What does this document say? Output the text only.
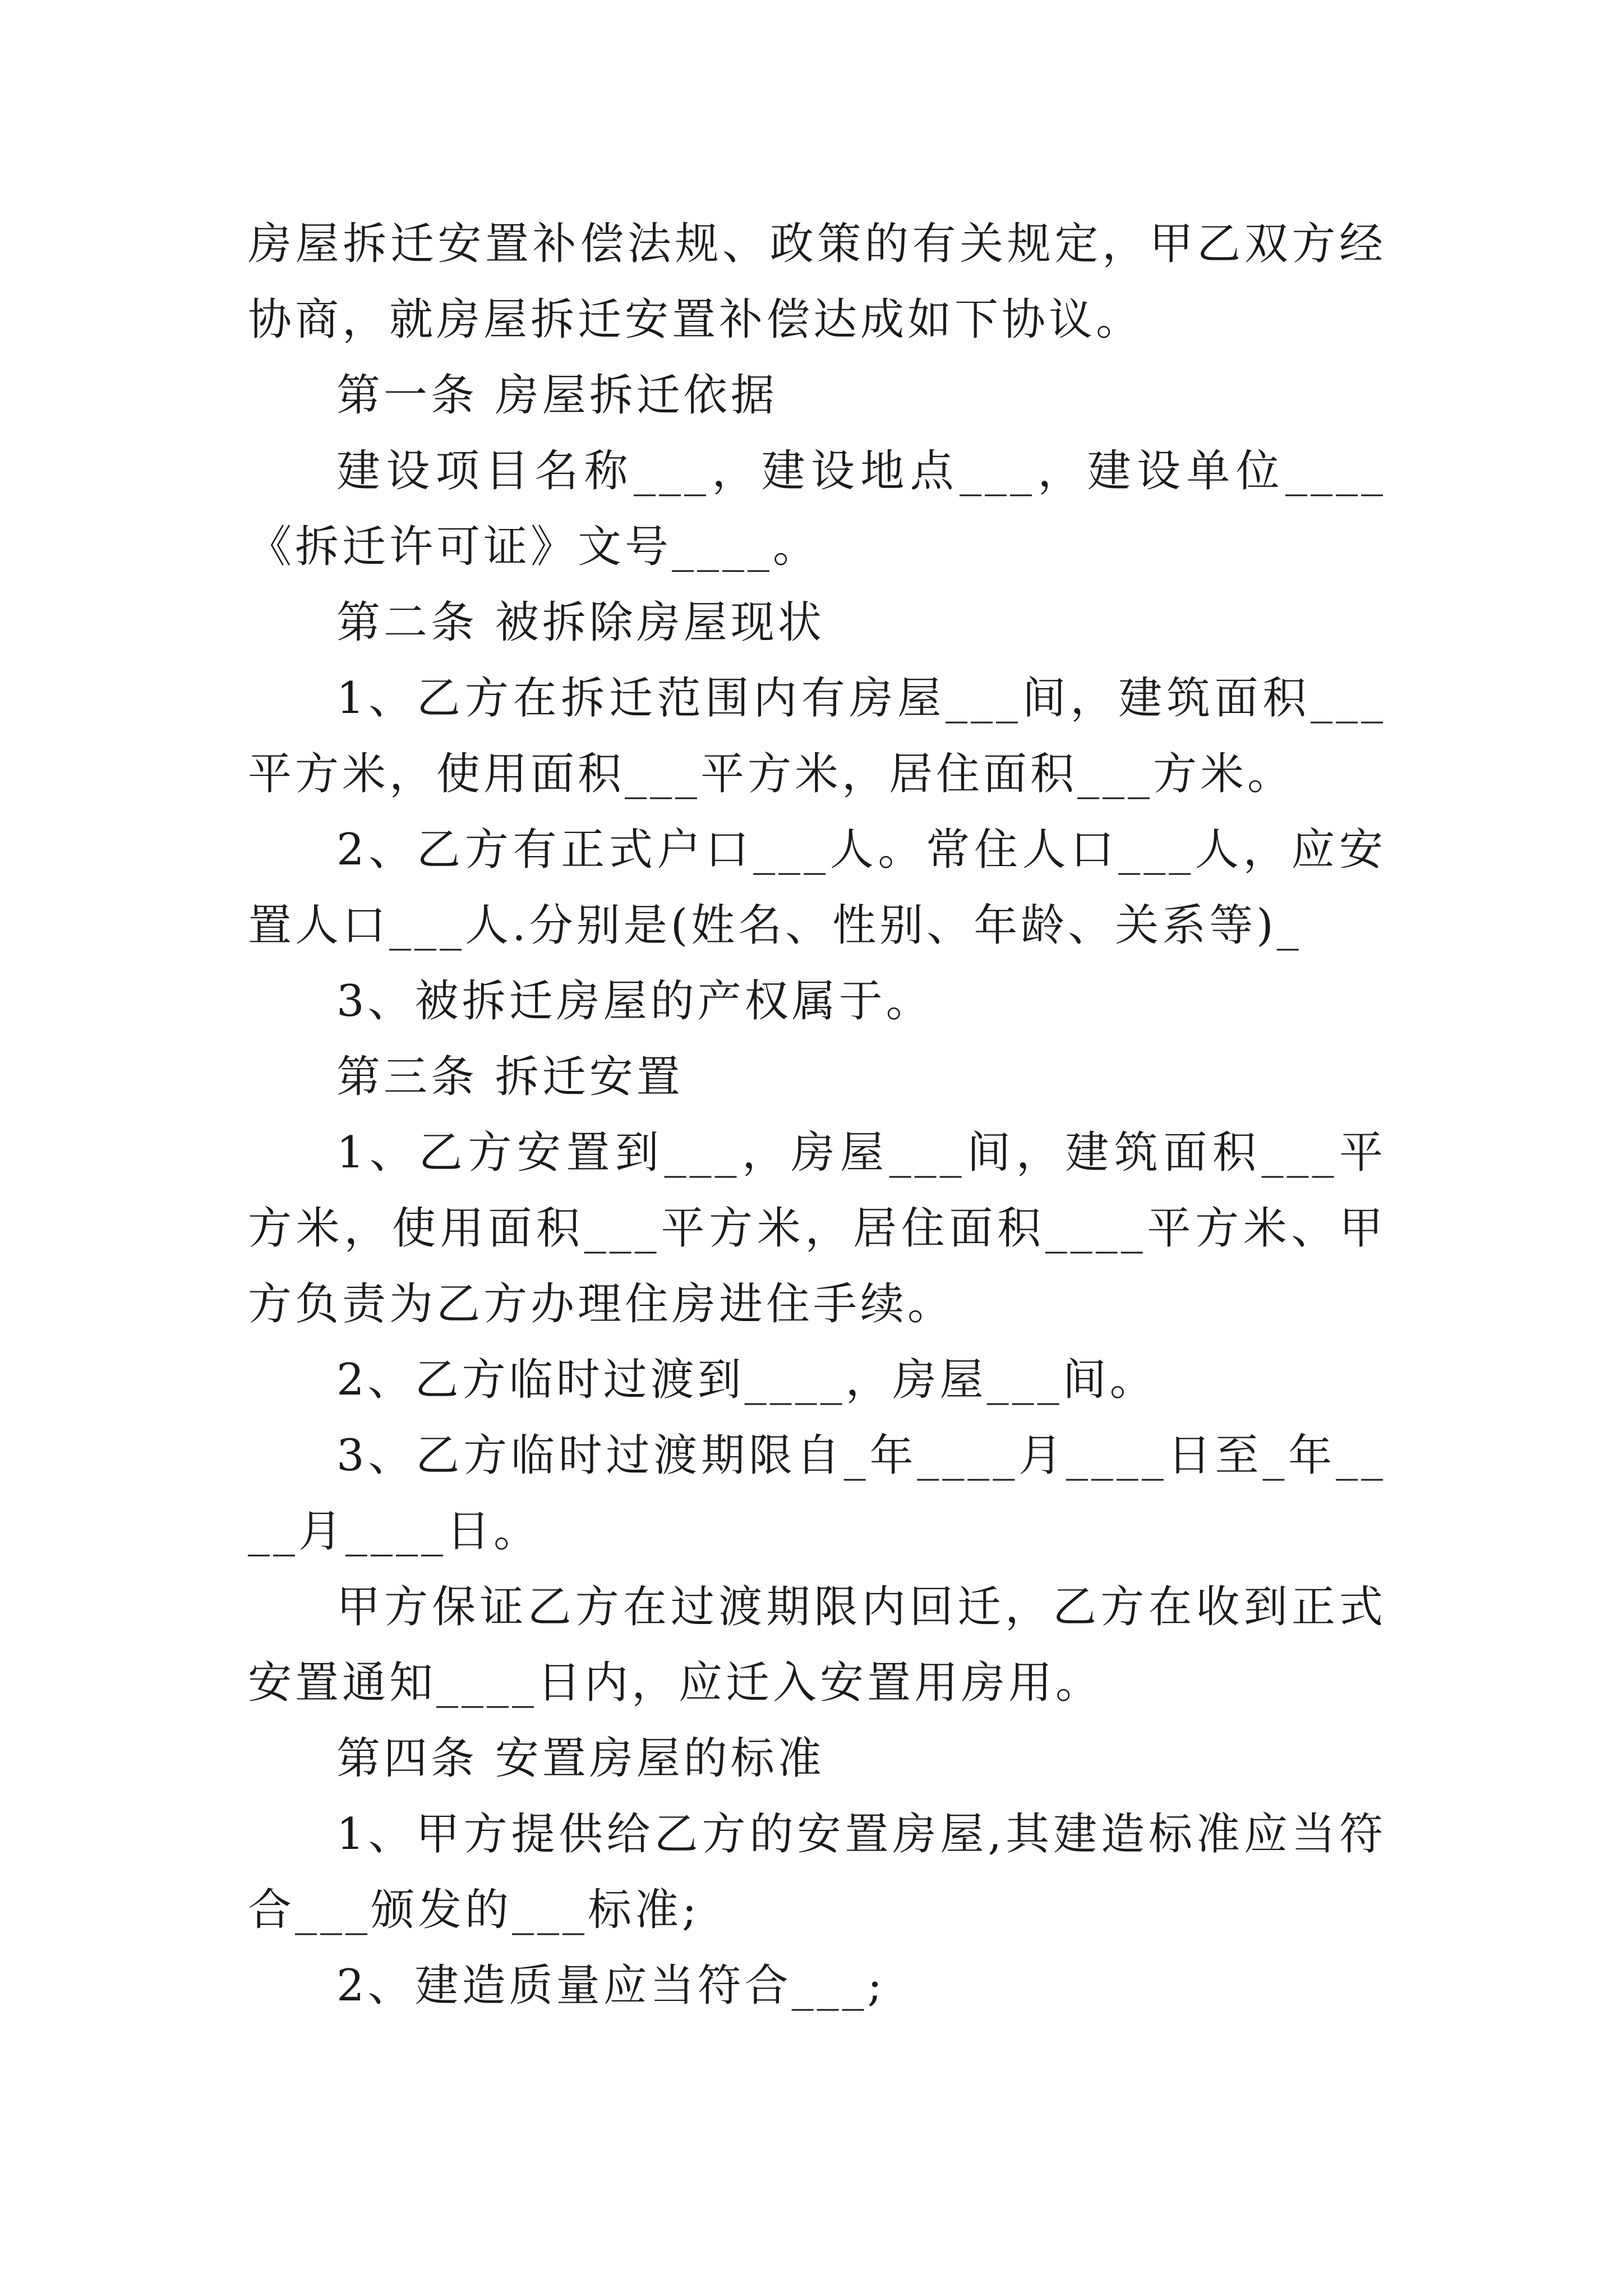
房屋拆迁安置补偿法规、政策的有关规定，甲乙双方经协商，就房屋拆迁安置补偿达成如下协议。

第一条 房屋拆迁依据

建设项目名称___，建设地点___，建设单位____《拆迁许可证》文号____。

第二条 被拆除房屋现状

1、乙方在拆迁范围内有房屋___间，建筑面积___平方米，使用面积___平方米，居住面积___方米。

2、乙方有正式户口___人。常住人口___人，应安置人口___人.分别是(姓名、性别、年龄、关系等)_

3、被拆迁房屋的产权属于。

第三条 拆迁安置

1、乙方安置到___，房屋___间，建筑面积___平方米，使用面积___平方米，居住面积____平方米、甲方负责为乙方办理住房进住手续。

2、乙方临时过渡到____，房屋___间。

3、乙方临时过渡期限自_年____月____日至_年____月____日。

甲方保证乙方在过渡期限内回迁，乙方在收到正式安置通知____日内，应迁入安置用房用。

第四条 安置房屋的标准

1、甲方提供给乙方的安置房屋,其建造标准应当符合___颁发的___标准;

2、建造质量应当符合___;
